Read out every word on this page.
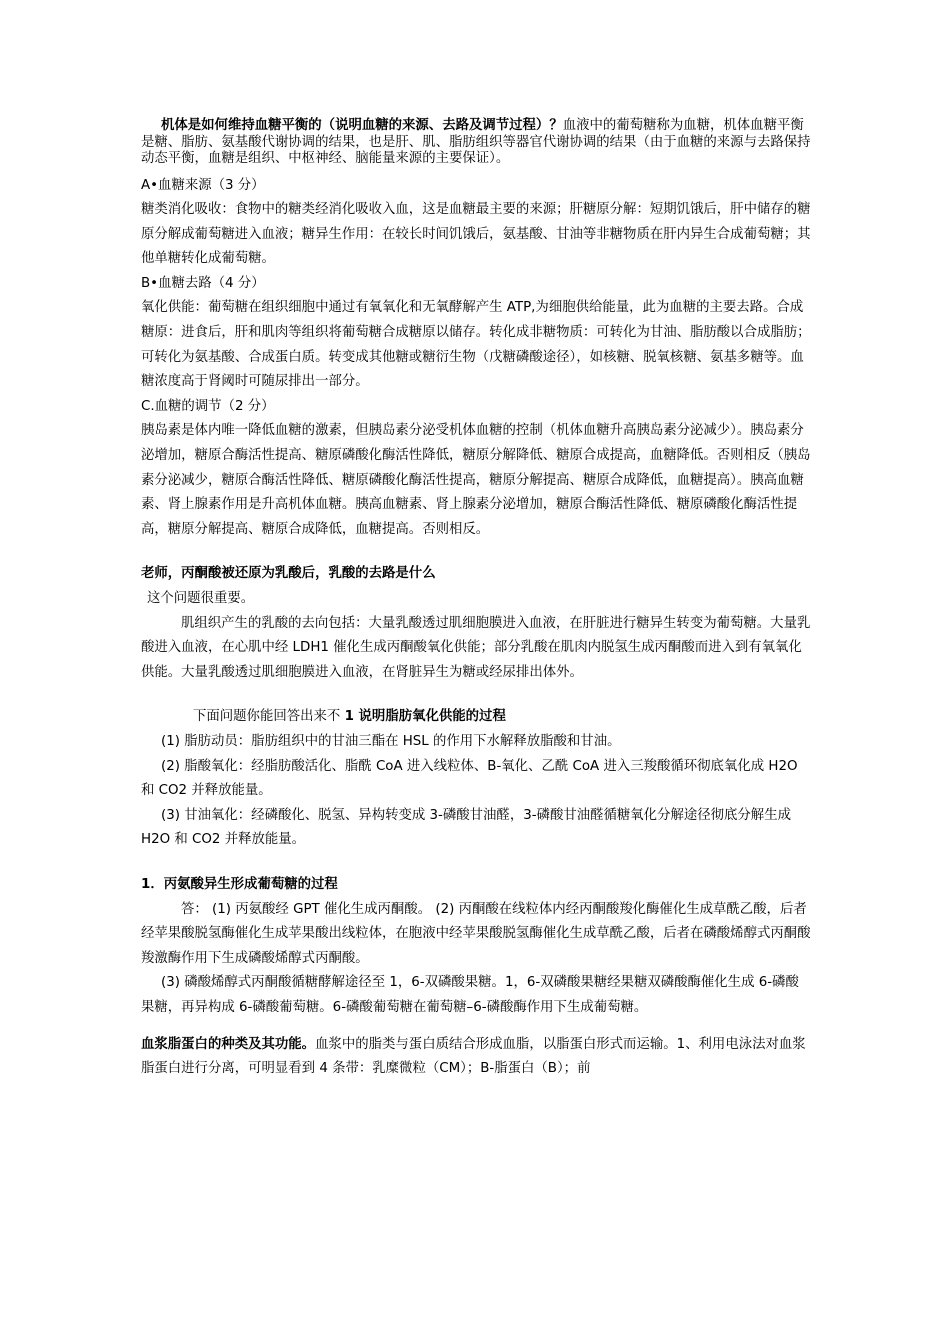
机体是如何维持血糖平衡的（说明血糖的来源、去路及调节过程）？血液中的葡萄糖称为血糖，机体血糖平衡是糖、脂肪、氨基酸代谢协调的结果，也是肝、肌、脂肪组织等器官代谢协调的结果（由于血糖的来源与去路保持动态平衡，血糖是组织、中枢神经、脑能量来源的主要保证）。

A•血糖来源（3 分）

糖类消化吸收：食物中的糖类经消化吸收入血，这是血糖最主要的来源；肝糖原分解：短期饥饿后，肝中储存的糖原分解成葡萄糖进入血液；糖异生作用：在较长时间饥饿后，氨基酸、甘油等非糖物质在肝内异生合成葡萄糖；其他单糖转化成葡萄糖。

B•血糖去路（4 分）

氧化供能：葡萄糖在组织细胞中通过有氧氧化和无氧酵解产生 ATP,为细胞供给能量，此为血糖的主要去路。合成糖原：进食后，肝和肌肉等组织将葡萄糖合成糖原以储存。转化成非糖物质：可转化为甘油、脂肪酸以合成脂肪；可转化为氨基酸、合成蛋白质。转变成其他糖或糖衍生物（戊糖磷酸途径），如核糖、脱氧核糖、氨基多糖等。血糖浓度高于肾阈时可随尿排出一部分。

C.血糖的调节（2 分）

胰岛素是体内唯一降低血糖的激素，但胰岛素分泌受机体血糖的控制（机体血糖升高胰岛素分泌减少）。胰岛素分泌增加，糖原合酶活性提高、糖原磷酸化酶活性降低，糖原分解降低、糖原合成提高，血糖降低。否则相反（胰岛素分泌减少，糖原合酶活性降低、糖原磷酸化酶活性提高，糖原分解提高、糖原合成降低，血糖提高）。胰高血糖素、肾上腺素作用是升高机体血糖。胰高血糖素、肾上腺素分泌增加，糖原合酶活性降低、糖原磷酸化酶活性提高，糖原分解提高、糖原合成降低，血糖提高。否则相反。

老师，丙酮酸被还原为乳酸后，乳酸的去路是什么

这个问题很重要。

肌组织产生的乳酸的去向包括：大量乳酸透过肌细胞膜进入血液，在肝脏进行糖异生转变为葡萄糖。大量乳酸进入血液，在心肌中经 LDH1 催化生成丙酮酸氧化供能；部分乳酸在肌肉内脱氢生成丙酮酸而进入到有氧氧化供能。大量乳酸透过肌细胞膜进入血液，在肾脏异生为糖或经尿排出体外。

下面问题你能回答出来不 1 说明脂肪氧化供能的过程

(1) 脂肪动员：脂肪组织中的甘油三酯在 HSL 的作用下水解释放脂酸和甘油。

(2) 脂酸氧化：经脂肪酸活化、脂酰 CoA 进入线粒体、B-氧化、乙酰 CoA 进入三羧酸循环彻底氧化成 H2O 和 CO2 并释放能量。

(3) 甘油氧化：经磷酸化、脱氢、异构转变成 3-磷酸甘油醛，3-磷酸甘油醛循糖氧化分解途径彻底分解生成 H2O 和 CO2 并释放能量。

1．丙氨酸异生形成葡萄糖的过程

答： (1) 丙氨酸经 GPT 催化生成丙酮酸。 (2) 丙酮酸在线粒体内经丙酮酸羧化酶催化生成草酰乙酸，后者经苹果酸脱氢酶催化生成苹果酸出线粒体，在胞液中经苹果酸脱氢酶催化生成草酰乙酸，后者在磷酸烯醇式丙酮酸羧激酶作用下生成磷酸烯醇式丙酮酸。

(3) 磷酸烯醇式丙酮酸循糖酵解途径至 1，6-双磷酸果糖。1，6-双磷酸果糖经果糖双磷酸酶催化生成 6-磷酸果糖，再异构成 6-磷酸葡萄糖。6-磷酸葡萄糖在葡萄糖–6-磷酸酶作用下生成葡萄糖。

血浆脂蛋白的种类及其功能。血浆中的脂类与蛋白质结合形成血脂，以脂蛋白形式而运输。1、利用电泳法对血浆脂蛋白进行分离，可明显看到 4 条带：乳糜微粒（CM）；B-脂蛋白（B）；前
